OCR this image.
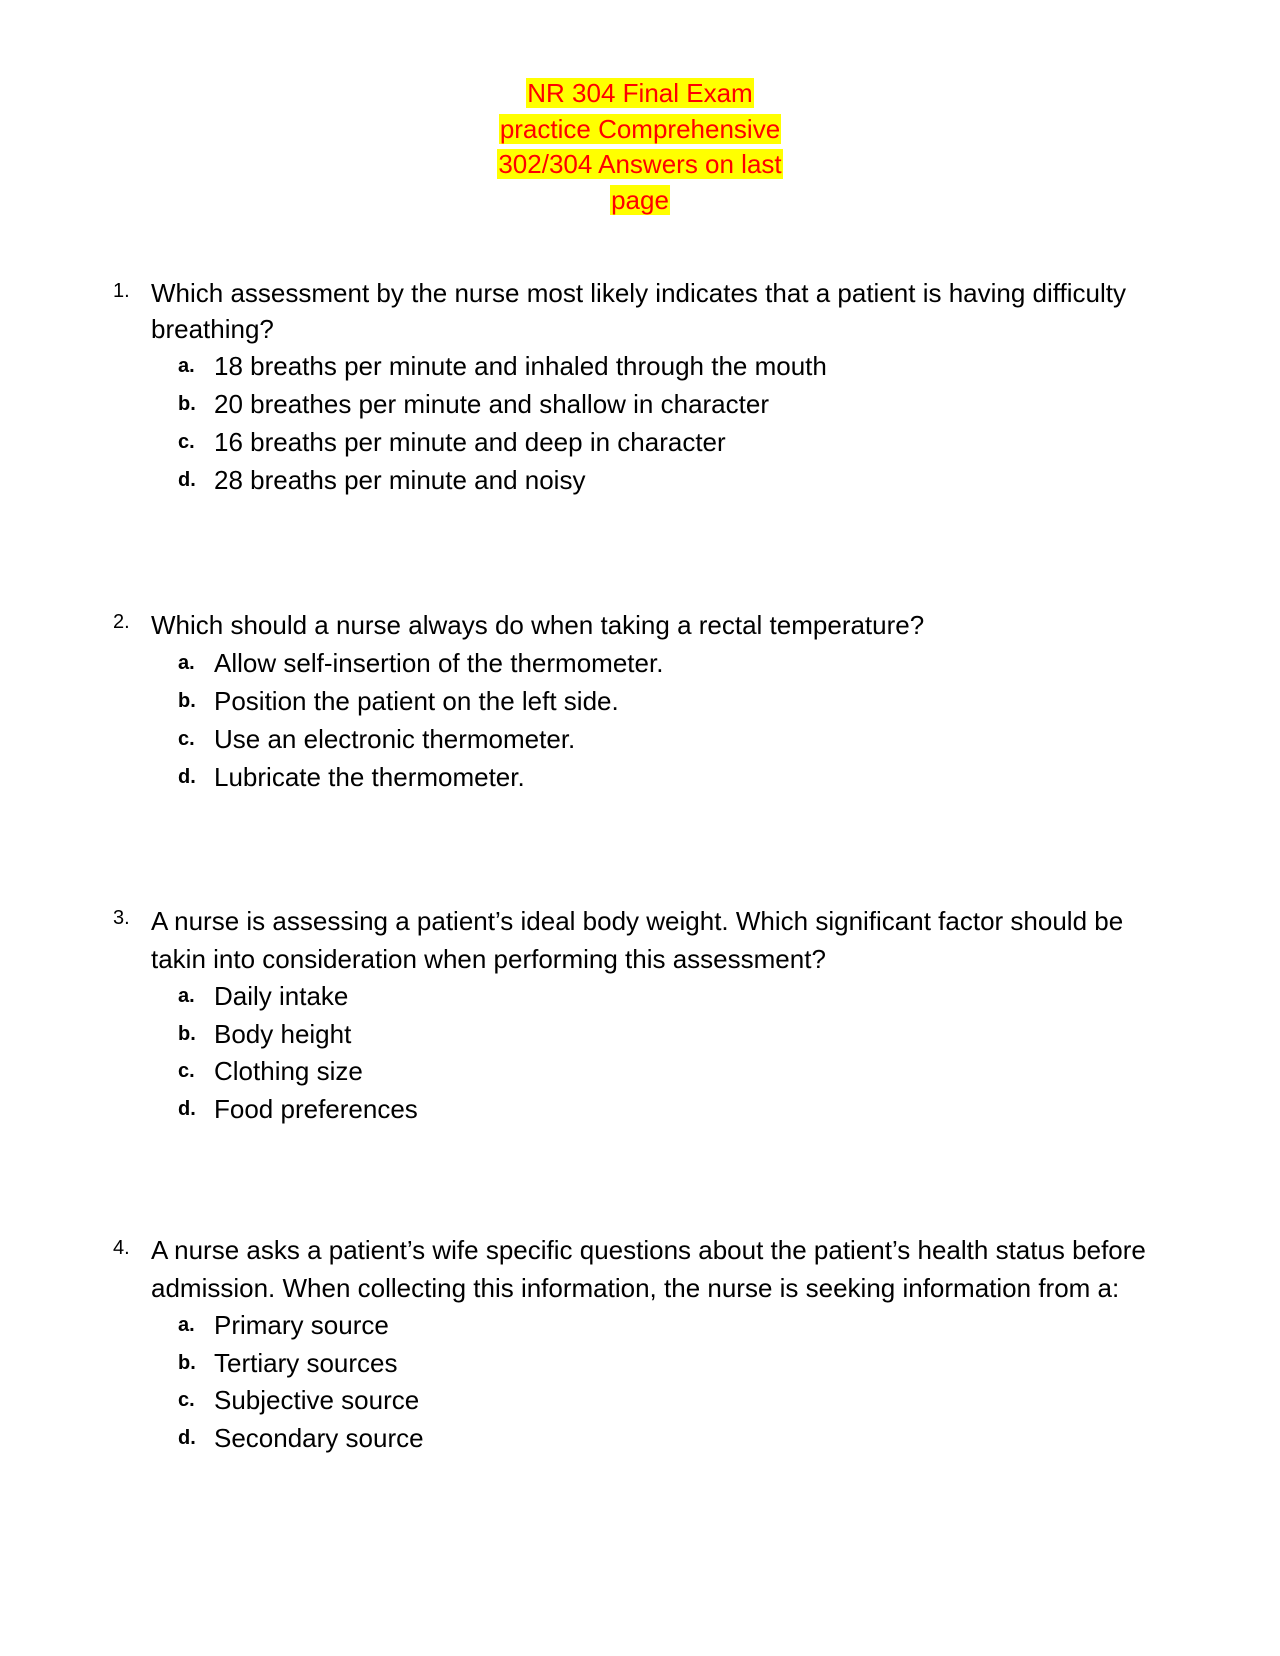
NR 304 Final Exam
practice Comprehensive
302/304 Answers on last
page
1. Which assessment by the nurse most likely indicates that a patient is having difficulty breathing?
a. 18 breaths per minute and inhaled through the mouth
b. 20 breathes per minute and shallow in character
c. 16 breaths per minute and deep in character
d. 28 breaths per minute and noisy
2. Which should a nurse always do when taking a rectal temperature?
a. Allow self-insertion of the thermometer.
b. Position the patient on the left side.
c. Use an electronic thermometer.
d. Lubricate the thermometer.
3. A nurse is assessing a patient’s ideal body weight. Which significant factor should be takin into consideration when performing this assessment?
a. Daily intake
b. Body height
c. Clothing size
d. Food preferences
4. A nurse asks a patient’s wife specific questions about the patient’s health status before admission. When collecting this information, the nurse is seeking information from a:
a. Primary source
b. Tertiary sources
c. Subjective source
d. Secondary source
